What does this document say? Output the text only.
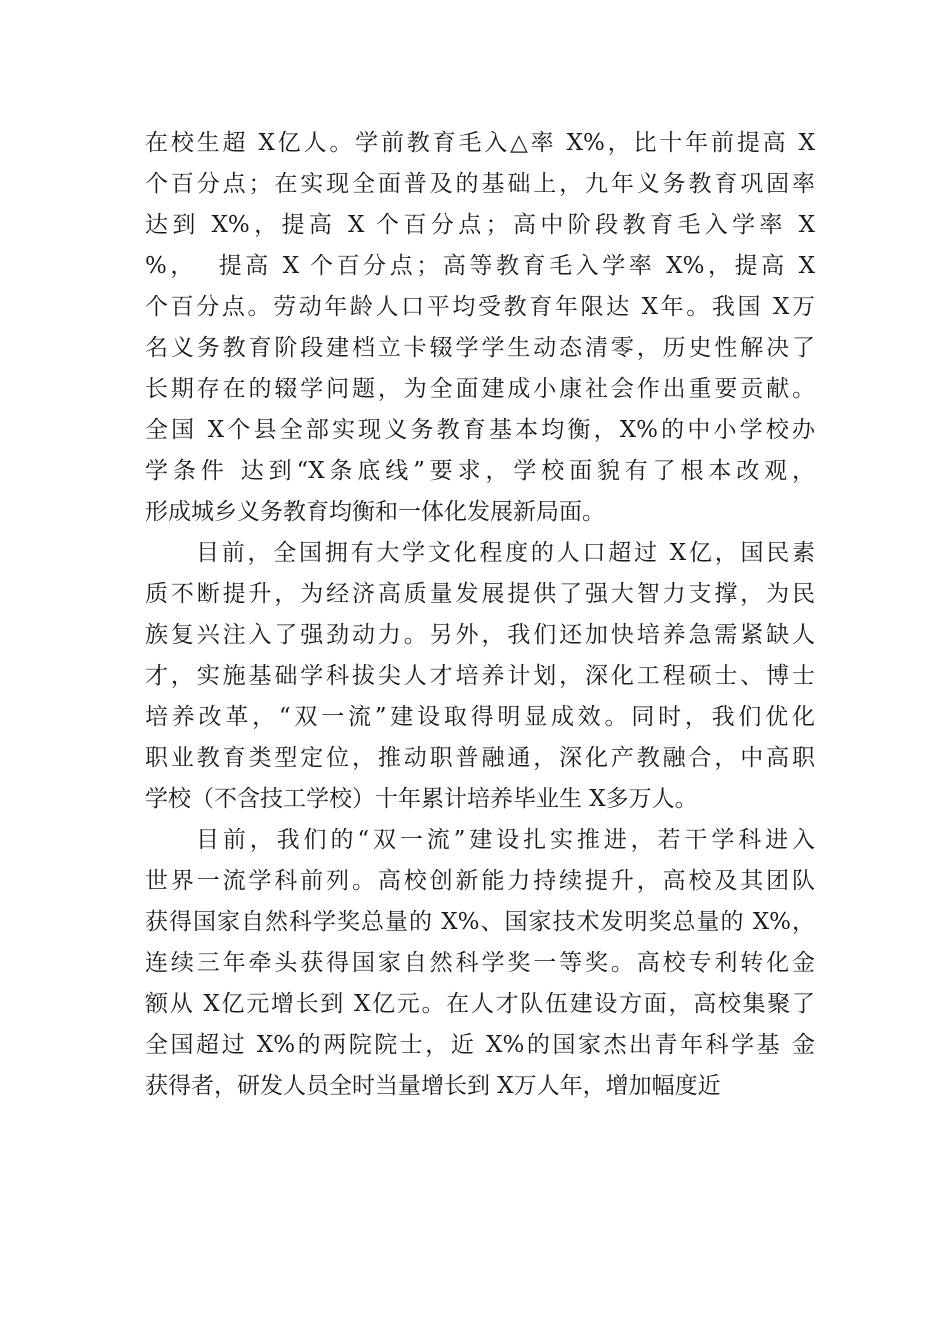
在校生超 X亿人。学前教育毛入△率 X%，比十年前提高 X
个百分点；在实现全面普及的基础上，九年义务教育巩固率
达到 X%，提高 X 个百分点；高中阶段教育毛入学率 X
%，  提高 X 个百分点；高等教育毛入学率 X%，提高 X
个百分点。劳动年龄人口平均受教育年限达 X年。我国 X万
名义务教育阶段建档立卡辍学学生动态清零，历史性解决了
长期存在的辍学问题，为全面建成小康社会作出重要贡献。
全国 X个县全部实现义务教育基本均衡，X%的中小学校办
学条件 达到“X条底线”要求，学校面貌有了根本改观，
形成城乡义务教育均衡和一体化发展新局面。
目前，全国拥有大学文化程度的人口超过 X亿，国民素
质不断提升，为经济高质量发展提供了强大智力支撑，为民
族复兴注入了强劲动力。另外，我们还加快培养急需紧缺人
才，实施基础学科拔尖人才培养计划，深化工程硕士、博士
培养改革，“双一流”建设取得明显成效。同时，我们优化
职业教育类型定位，推动职普融通，深化产教融合，中高职
学校（不含技工学校）十年累计培养毕业生 X多万人。
目前，我们的“双一流”建设扎实推进，若干学科进入
世界一流学科前列。高校创新能力持续提升，高校及其团队
获得国家自然科学奖总量的 X%、国家技术发明奖总量的 X%，
连续三年牵头获得国家自然科学奖一等奖。高校专利转化金
额从 X亿元增长到 X亿元。在人才队伍建设方面，高校集聚了
全国超过 X%的两院院士，近 X%的国家杰出青年科学基 金
获得者，研发人员全时当量增长到 X万人年，增加幅度近
